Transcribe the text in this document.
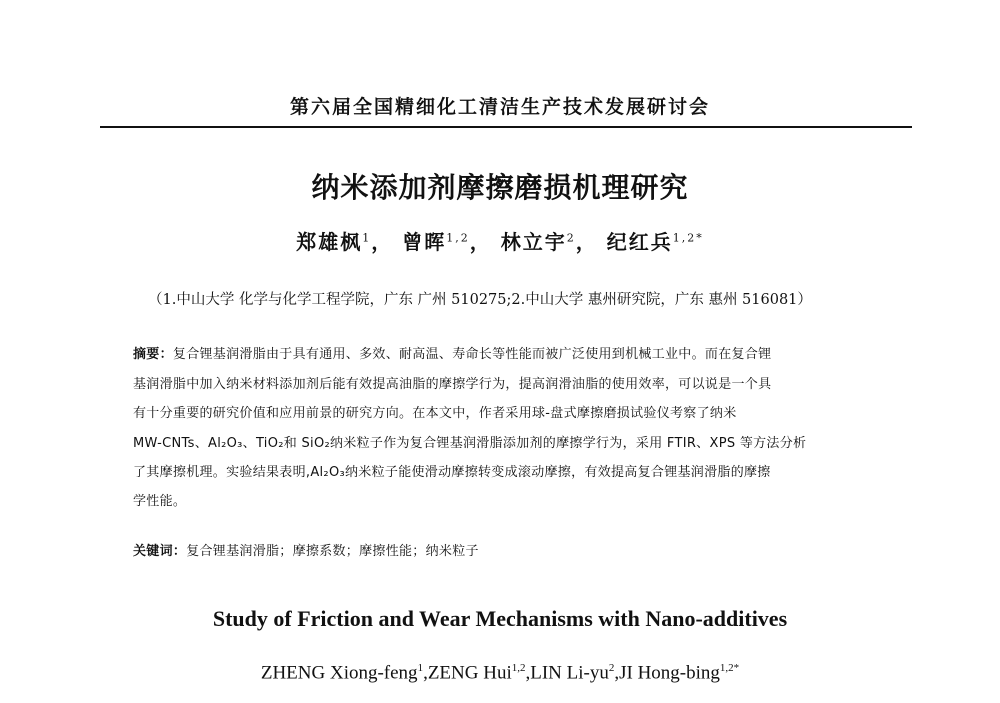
第六届全国精细化工清洁生产技术发展研讨会
纳米添加剂摩擦磨损机理研究
郑雄枫$^1$， 曾晖$^{1,2}$， 林立宇$^2$， 纪红兵$^{1,2*}$
（1.中山大学 化学与化学工程学院，广东 广州 510275;2.中山大学 惠州研究院，广东 惠州 516081）
摘要：复合锂基润滑脂由于具有通用、多效、耐高温、寿命长等性能而被广泛使用到机械工业中。而在复合锂
基润滑脂中加入纳米材料添加剂后能有效提高油脂的摩擦学行为，提高润滑油脂的使用效率，可以说是一个具
有十分重要的研究价值和应用前景的研究方向。在本文中，作者采用球-盘式摩擦磨损试验仪考察了纳米
MW-CNTs、Al₂O₃、TiO₂和 SiO₂纳米粒子作为复合锂基润滑脂添加剂的摩擦学行为，采用 FTIR、XPS 等方法分析
了其摩擦机理。实验结果表明,Al₂O₃纳米粒子能使滑动摩擦转变成滚动摩擦，有效提高复合锂基润滑脂的摩擦
学性能。
关键词：复合锂基润滑脂；摩擦系数；摩擦性能；纳米粒子
Study of Friction and Wear Mechanisms with Nano-additives
ZHENG Xiong-feng$^1$,ZENG Hui$^{1,2}$,LIN $Li-yu^2,JI$ Hong-bing$^{1,2*}$
